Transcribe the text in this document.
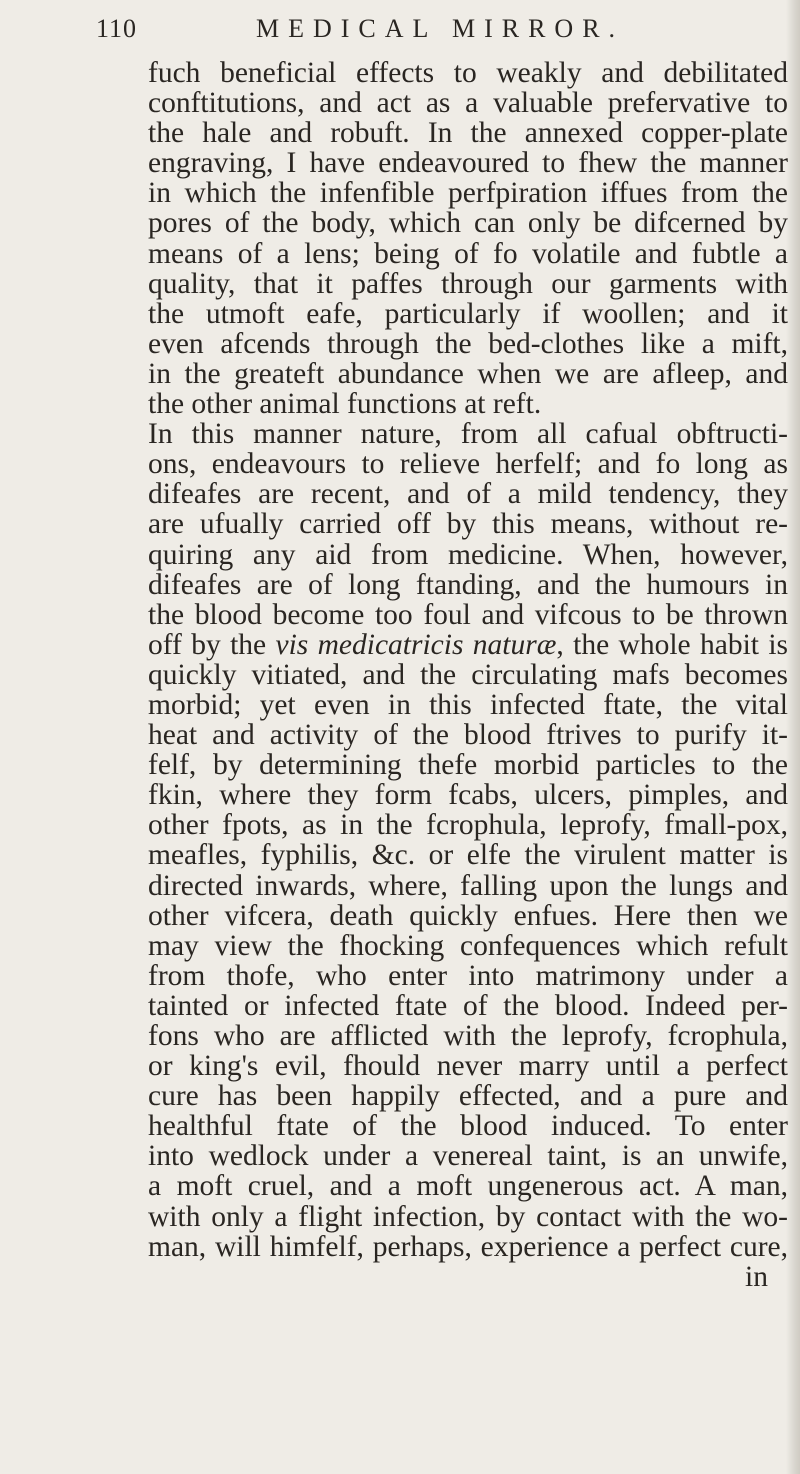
110	MEDICAL MIRROR.
fuch beneficial effects to weakly and debilitated
conftitutions, and act as a valuable prefervative to
the hale and robuft. In the annexed copper-plate
engraving, I have endeavoured to fhew the manner
in which the infenfible perfpiration iffues from the
pores of the body, which can only be difcerned by
means of a lens; being of fo volatile and fubtle a
quality, that it paffes through our garments with
the utmoft eafe, particularly if woollen; and it
even afcends through the bed-clothes like a mift,
in the greateft abundance when we are afleep, and
the other animal functions at reft.
In this manner nature, from all cafual obftructi-
ons, endeavours to relieve herfelf; and fo long as
difeafes are recent, and of a mild tendency, they
are ufually carried off by this means, without re-
quiring any aid from medicine. When, however,
difeafes are of long ftanding, and the humours in
the blood become too foul and vifcous to be thrown
off by the vis medicatricis naturæ, the whole habit is
quickly vitiated, and the circulating mafs becomes
morbid; yet even in this infected ftate, the vital
heat and activity of the blood ftrives to purify it-
felf, by determining thefe morbid particles to the
fkin, where they form fcabs, ulcers, pimples, and
other fpots, as in the fcrophula, leprofy, fmall-pox,
meafles, fyphilis, &c. or elfe the virulent matter is
directed inwards, where, falling upon the lungs and
other vifcera, death quickly enfues. Here then we
may view the fhocking confequences which refult
from thofe, who enter into matrimony under a
tainted or infected ftate of the blood. Indeed per-
fons who are afflicted with the leprofy, fcrophula,
or king's evil, fhould never marry until a perfect
cure has been happily effected, and a pure and
healthful ftate of the blood induced. To enter
into wedlock under a venereal taint, is an unwife,
a moft cruel, and a moft ungenerous act. A man,
with only a flight infection, by contact with the wo-
man, will himfelf, perhaps, experience a perfect cure,
in
